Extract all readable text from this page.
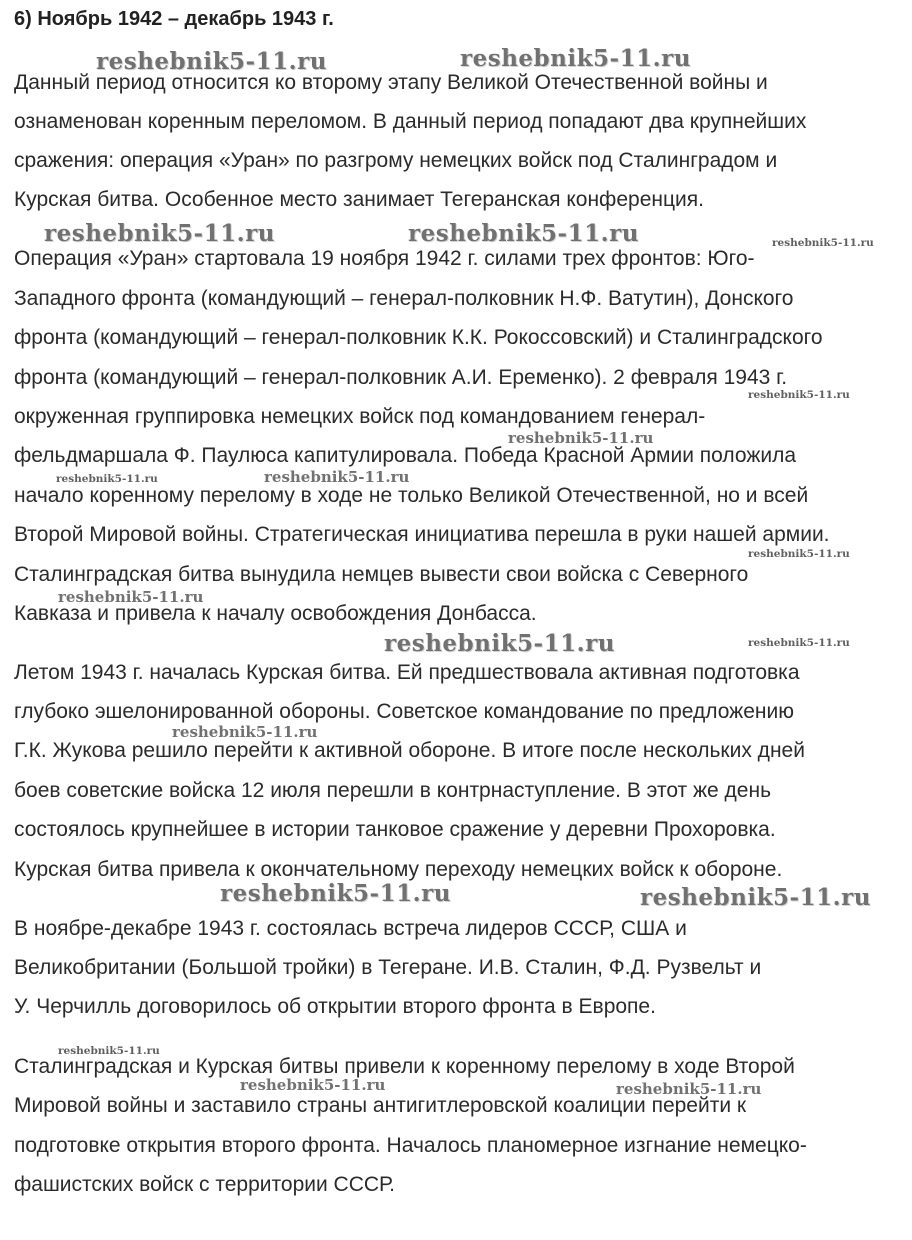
6) Ноябрь 1942 – декабрь 1943 г.
Данный период относится ко второму этапу Великой Отечественной войны и
ознаменован коренным переломом. В данный период попадают два крупнейших
сражения: операция «Уран» по разгрому немецких войск под Сталинградом и
Курская битва. Особенное место занимает Тегеранская конференция.
Операция «Уран» стартовала 19 ноября 1942 г. силами трех фронтов: Юго-
Западного фронта (командующий – генерал-полковник Н.Ф. Ватутин), Донского
фронта (командующий – генерал-полковник К.К. Рокоссовский) и Сталинградского
фронта (командующий – генерал-полковник А.И. Еременко). 2 февраля 1943 г.
окруженная группировка немецких войск под командованием генерал-
фельдмаршала Ф. Паулюса капитулировала. Победа Красной Армии положила
начало коренному перелому в ходе не только Великой Отечественной, но и всей
Второй Мировой войны. Стратегическая инициатива перешла в руки нашей армии.
Сталинградская битва вынудила немцев вывести свои войска с Северного
Кавказа и привела к началу освобождения Донбасса.
Летом 1943 г. началась Курская битва. Ей предшествовала активная подготовка
глубоко эшелонированной обороны. Советское командование по предложению
Г.К. Жукова решило перейти к активной обороне. В итоге после нескольких дней
боев советские войска 12 июля перешли в контрнаступление. В этот же день
состоялось крупнейшее в истории танковое сражение у деревни Прохоровка.
Курская битва привела к окончательному переходу немецких войск к обороне.
В ноябре-декабре 1943 г. состоялась встреча лидеров СССР, США и
Великобритании (Большой тройки) в Тегеране. И.В. Сталин, Ф.Д. Рузвельт и
У. Черчилль договорилось об открытии второго фронта в Европе.
Сталинградская и Курская битвы привели к коренному перелому в ходе Второй
Мировой войны и заставило страны антигитлеровской коалиции перейти к
подготовке открытия второго фронта. Началось планомерное изгнание немецко-
фашистских войск с территории СССР.
reshebnik5-11.ru	reshebnik5-11.ru
reshebnik5-11.ru	reshebnik5-11.ru
reshebnik5-11.ru
reshebnik5-11.ru	reshebnik5-11.ru
reshebnik5-11.ru
reshebnik5-11.ru
reshebnik5-11.ru
reshebnik5-11.ru
reshebnik5-11.ru	reshebnik5-11.ru
reshebnik5-11.ru
reshebnik5-11.ru
reshebnik5-11.ru
reshebnik5-11.ru
reshebnik5-11.ru
reshebnik5-11.ru
